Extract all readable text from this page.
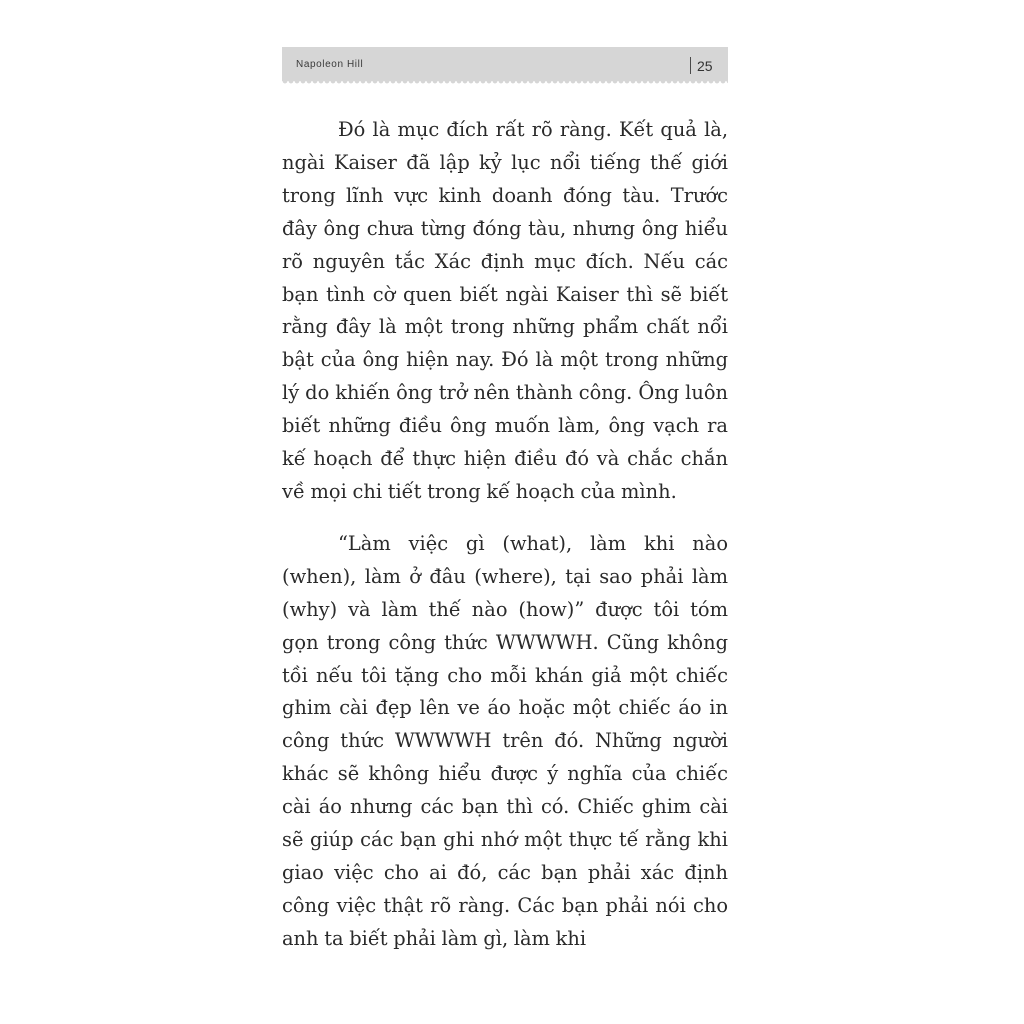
Napoleon Hill	25

Đó là mục đích rất rõ ràng. Kết quả là, ngài Kaiser đã lập kỷ lục nổi tiếng thế giới trong lĩnh vực kinh doanh đóng tàu. Trước đây ông chưa từng đóng tàu, nhưng ông hiểu rõ nguyên tắc Xác định mục đích. Nếu các bạn tình cờ quen biết ngài Kaiser thì sẽ biết rằng đây là một trong những phẩm chất nổi bật của ông hiện nay. Đó là một trong những lý do khiến ông trở nên thành công. Ông luôn biết những điều ông muốn làm, ông vạch ra kế hoạch để thực hiện điều đó và chắc chắn về mọi chi tiết trong kế hoạch của mình.

“Làm việc gì (what), làm khi nào (when), làm ở đâu (where), tại sao phải làm (why) và làm thế nào (how)” được tôi tóm gọn trong công thức WWWWH. Cũng không tồi nếu tôi tặng cho mỗi khán giả một chiếc ghim cài đẹp lên ve áo hoặc một chiếc áo in công thức WWWWH trên đó. Những người khác sẽ không hiểu được ý nghĩa của chiếc cài áo nhưng các bạn thì có. Chiếc ghim cài sẽ giúp các bạn ghi nhớ một thực tế rằng khi giao việc cho ai đó, các bạn phải xác định công việc thật rõ ràng. Các bạn phải nói cho anh ta biết phải làm gì, làm khi
